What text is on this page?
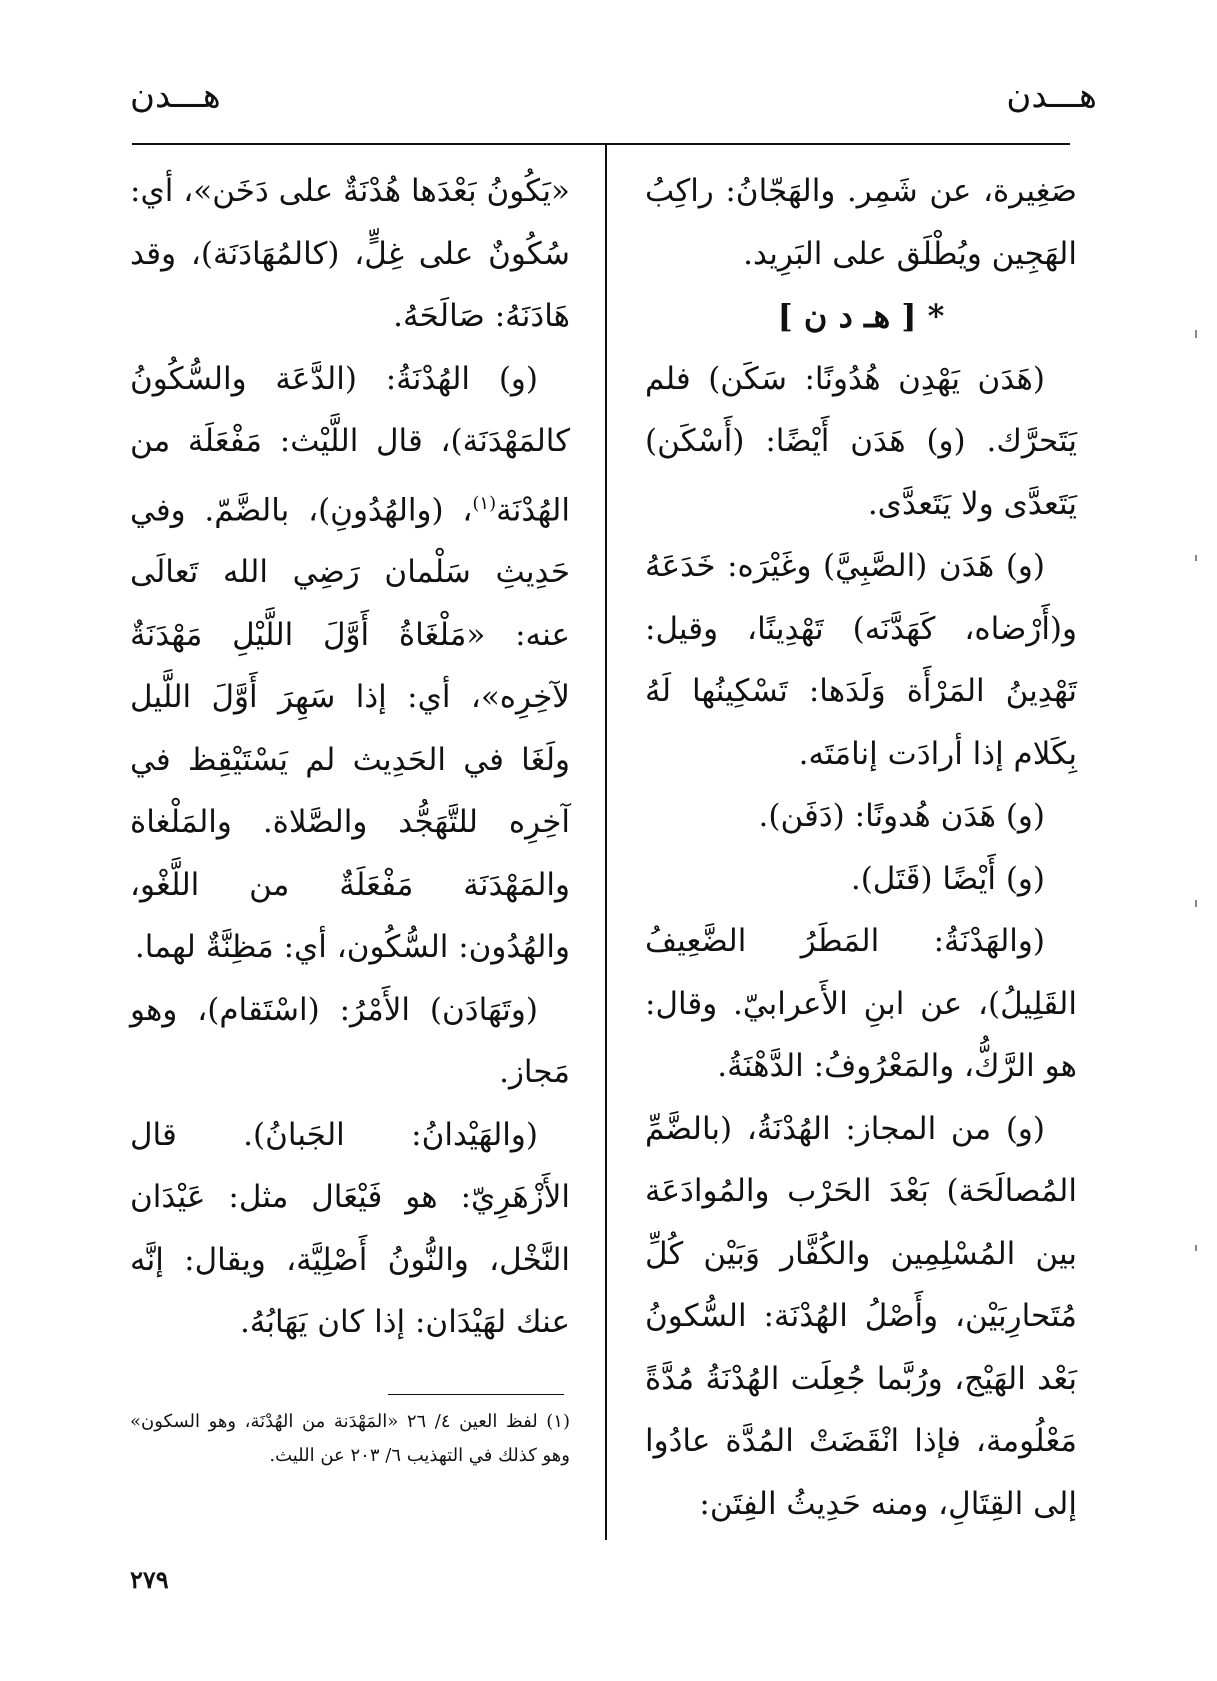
هـــدن
هـــدن

صَغِيرة، عن شَمِر. والهَجّانُ: راكِبُ الهَجِين ويُطْلَق على البَرِيد.

* [ هـ د ن ]

(هَدَن يَهْدِن هُدُونًا: سَكَن) فلم يَتَحرَّك. (و) هَدَن أَيْضًا: (أَسْكَن) يَتَعدَّى ولا يَتَعدَّى.

(و) هَدَن (الصَّبِيَّ) وغَيْرَه: خَدَعَهُ و(أَرْضاه، كَهَدَّنَه) تَهْدِينًا، وقيل: تَهْدِينُ المَرْأَة وَلَدَها: تَسْكِينُها لَهُ بِكَلام إذا أرادَت إنامَتَه.

(و) هَدَن هُدونًا: (دَفَن).

(و) أَيْضًا (قَتَل).

(والهَدْنَةُ: المَطَرُ الضَّعِيفُ القَلِيلُ)، عن ابنِ الأَعرابيّ. وقال: هو الرَّكُّ، والمَعْرُوفُ: الدَّهْنَةُ.

(و) من المجاز: الهُدْنَةُ، (بالضَّمِّ المُصالَحَة) بَعْدَ الحَرْب والمُوادَعَة بين المُسْلِمِين والكُفَّار وَبَيْن كُلِّ مُتَحارِبَيْن، وأَصْلُ الهُدْنَة: السُّكونُ بَعْد الهَيْج، ورُبَّما جُعِلَت الهُدْنَةُ مُدَّةً مَعْلُومة، فإذا انْقَضَتْ المُدَّة عادُوا إلى القِتَالِ، ومنه حَدِيثُ الفِتَن:

«يَكُونُ بَعْدَها هُدْنَةٌ على دَخَن»، أي: سُكُونٌ على غِلٍّ، (كالمُهَادَنَة)، وقد هَادَنَهُ: صَالَحَهُ.

(و) الهُدْنَةُ: (الدَّعَة والسُّكُونُ كالمَهْدَنَة)، قال اللَّيْث: مَفْعَلَة من الهُدْنَة$^{(١)}$، (والهُدُونِ)، بالضَّمّ. وفي حَدِيثِ سَلْمان رَضِي الله تَعالَى عنه: «مَلْغَاةُ أَوَّلَ اللَّيْلِ مَهْدَنَةٌ لآخِرِه»، أي: إذا سَهِرَ أَوَّلَ اللَّيل ولَغَا في الحَدِيث لم يَسْتَيْقِظ في آخِرِه للتَّهَجُّد والصَّلاة. والمَلْغاة والمَهْدَنَة مَفْعَلَةٌ من اللَّغْو، والهُدُون: السُّكُون، أي: مَظِنَّةٌ لهما.

(وتَهَادَن) الأَمْرُ: (اسْتَقام)، وهو مَجاز.

(والهَيْدانُ: الجَبانُ). قال الأَزْهَرِيّ: هو فَيْعَال مثل: عَيْدَان النَّخْل، والنُّونُ أَصْلِيَّة، ويقال: إنَّه عنك لهَيْدَان: إذا كان يَهَابُهُ.

(١) لفظ العين ٤/ ٢٦ «المَهْدَنة من الهُدْنَة، وهو السكون» وهو كذلك في التهذيب ٦/ ٢٠٣ عن الليث.
٢٧٩
